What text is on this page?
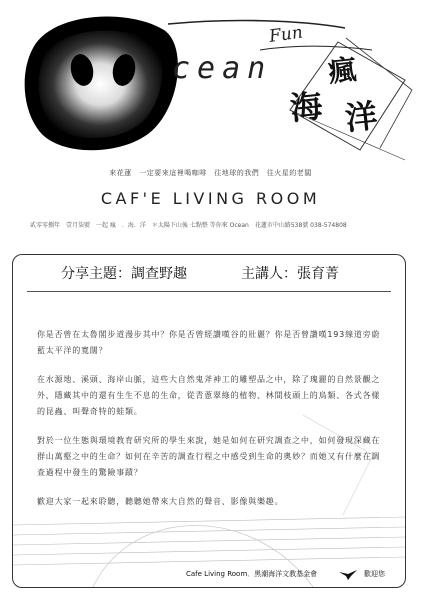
cean
Fun
瘋
海 洋
來花蓮　一定要來這裡喝咖啡　往地球的我們　往火星的老闆
CAF'E LIVING ROOM
貳零零捌年　壹月柒號　一起 瘋　．海．洋　＊太陽下山後 七點整 等你來 Ocean　花蓮市中山路538號 038-574808
分享主題：調查野趣	主講人：張育菁

你是否曾在太魯閣步道漫步其中？你是否曾經讚嘆谷的壯麗？你是否曾讚嘆193線道旁蔚藍太平洋的寬闊？

在水源地、溪頭、海岸山脈，這些大自然鬼斧神工的雕塑品之中，除了瑰麗的自然景觀之外，隱藏其中的還有生生不息的生命，從青蔥翠綠的植物、林間枝頭上的鳥類、各式各樣的昆蟲、叫聲奇特的蛙類。

對於一位生態與環境教育研究所的學生來說，她是如何在研究調查之中，如何發現深藏在群山萬壑之中的生命？如何在辛苦的調查行程之中感受到生命的奧妙？而她又有什麼在調查過程中發生的驚險事蹟？

歡迎大家一起來聆聽，聽聽她帶來大自然的聲音、影像與樂趣。

Cafe Living Room．黑潮海洋文教基金會	歡迎您
